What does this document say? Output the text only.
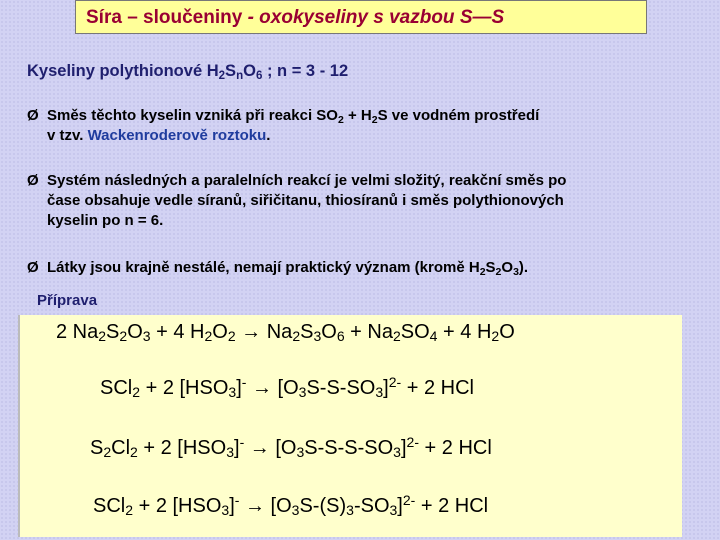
Síra – sloučeniny - oxokyseliny s vazbou S—S
Kyseliny polythionové $H_2S_nO_6$ ; n = 3 - 12
Ø Směs těchto kyselin vzniká při reakci $SO_2 + H_2S$ ve vodném prostředí
v tzv. Wackenroderově roztoku.
Ø Systém následných a paralelních reakcí je velmi složitý, reakční směs po
čase obsahuje vedle síranů, siřičitanu, thiosíranů i směs polythionových
kyselin po n = 6.
Ø Látky jsou krajně nestálé, nemají praktický význam (kromě $H_2S_2O_3$).
Příprava
2 $Na_2S_2O_3 + 4$ $H_2O_2 \to Na_2S_3O_6 + Na_2SO_4 + 4$ $H_2O$
SCl$_2$ + 2 $[HSO_3]^- \to [O_3S-S-SO_3]^{2-} + 2$ HCl
$S_2Cl_2 + 2$ $[HSO_3]^- \to [O_3S-S-S-SO_3]^{2-} + 2$ HCl
SCl$_2$ + 2 $[HSO_3]^- \to [O_3S-(S)_3-SO_3]^{2-} + 2$ HCl
